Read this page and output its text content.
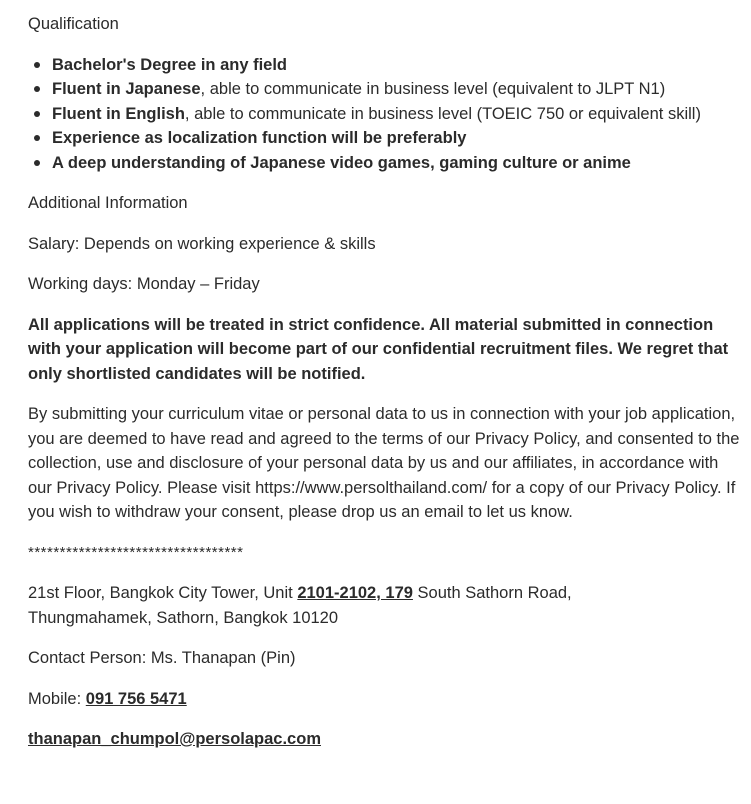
Qualification
Bachelor's Degree in any field
Fluent in Japanese, able to communicate in business level (equivalent to JLPT N1)
Fluent in English, able to communicate in business level (TOEIC 750 or equivalent skill)
Experience as localization function will be preferably
A deep understanding of Japanese video games, gaming culture or anime
Additional Information

Salary: Depends on working experience & skills

Working days: Monday – Friday

All applications will be treated in strict confidence. All material submitted in connection with your application will become part of our confidential recruitment files. We regret that only shortlisted candidates will be notified.

By submitting your curriculum vitae or personal data to us in connection with your job application, you are deemed to have read and agreed to the terms of our Privacy Policy, and consented to the collection, use and disclosure of your personal data by us and our affiliates, in accordance with our Privacy Policy. Please visit https://www.persolthailand.com/ for a copy of our Privacy Policy. If you wish to withdraw your consent, please drop us an email to let us know.

**********************************

21st Floor, Bangkok City Tower, Unit 2101-2102, 179 South Sathorn Road,
Thungmahamek, Sathorn, Bangkok 10120

Contact Person: Ms. Thanapan (Pin)

Mobile: 091 756 5471

thanapan_chumpol@persolapac.com
